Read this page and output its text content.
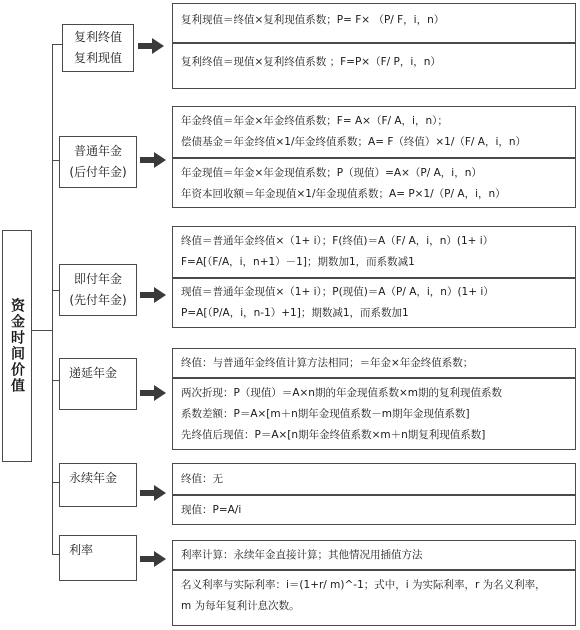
资金时间价值
复利终值
复利现值
普通年金
(后付年金)
即付年金
(先付年金)
递延年金
永续年金
利率
复利现值＝终值×复利现值系数；P= F× （P/ F，i，n）
复利终值＝现值×复利终值系数 ；F=P×（F/ P，i，n）
年金终值＝年金×年金终值系数；F= A×（F/ A，i，n）；
偿债基金＝年金终值×1/年金终值系数；A= F（终值）×1/（F/ A，i，n）
年金现值＝年金×年金现值系数；P（现值）=A×（P/ A，i，n）
年资本回收额＝年金现值×1/年金现值系数；A= P×1/（P/ A，i，n）
终值＝普通年金终值×（1+ i）；F(终值)＝A（F/ A，i，n）(1+ i）
F=A[（F/A，i，n+1）－1]；期数加1，而系数减1
现值＝普通年金现值×（1+ i）；P(现值)＝A（P/ A，i，n）(1+ i）
P=A[（P/A，i，n-1）+1]；期数减1，而系数加1
终值：与普通年金终值计算方法相同；＝年金×年金终值系数；
两次折现：P（现值）＝A×n期的年金现值系数×m期的复利现值系数
系数差额：P＝A×[m＋n期年金现值系数－m期年金现值系数]
先终值后现值：P＝A×[n期年金终值系数×m＋n期复利现值系数]
终值：无
现值：P=A/i
利率计算：永续年金直接计算；其他情况用插值方法
名义利率与实际利率：i＝(1+r/ m)^-1；式中，i 为实际利率，r 为名义利率，
m 为每年复利计息次数。
